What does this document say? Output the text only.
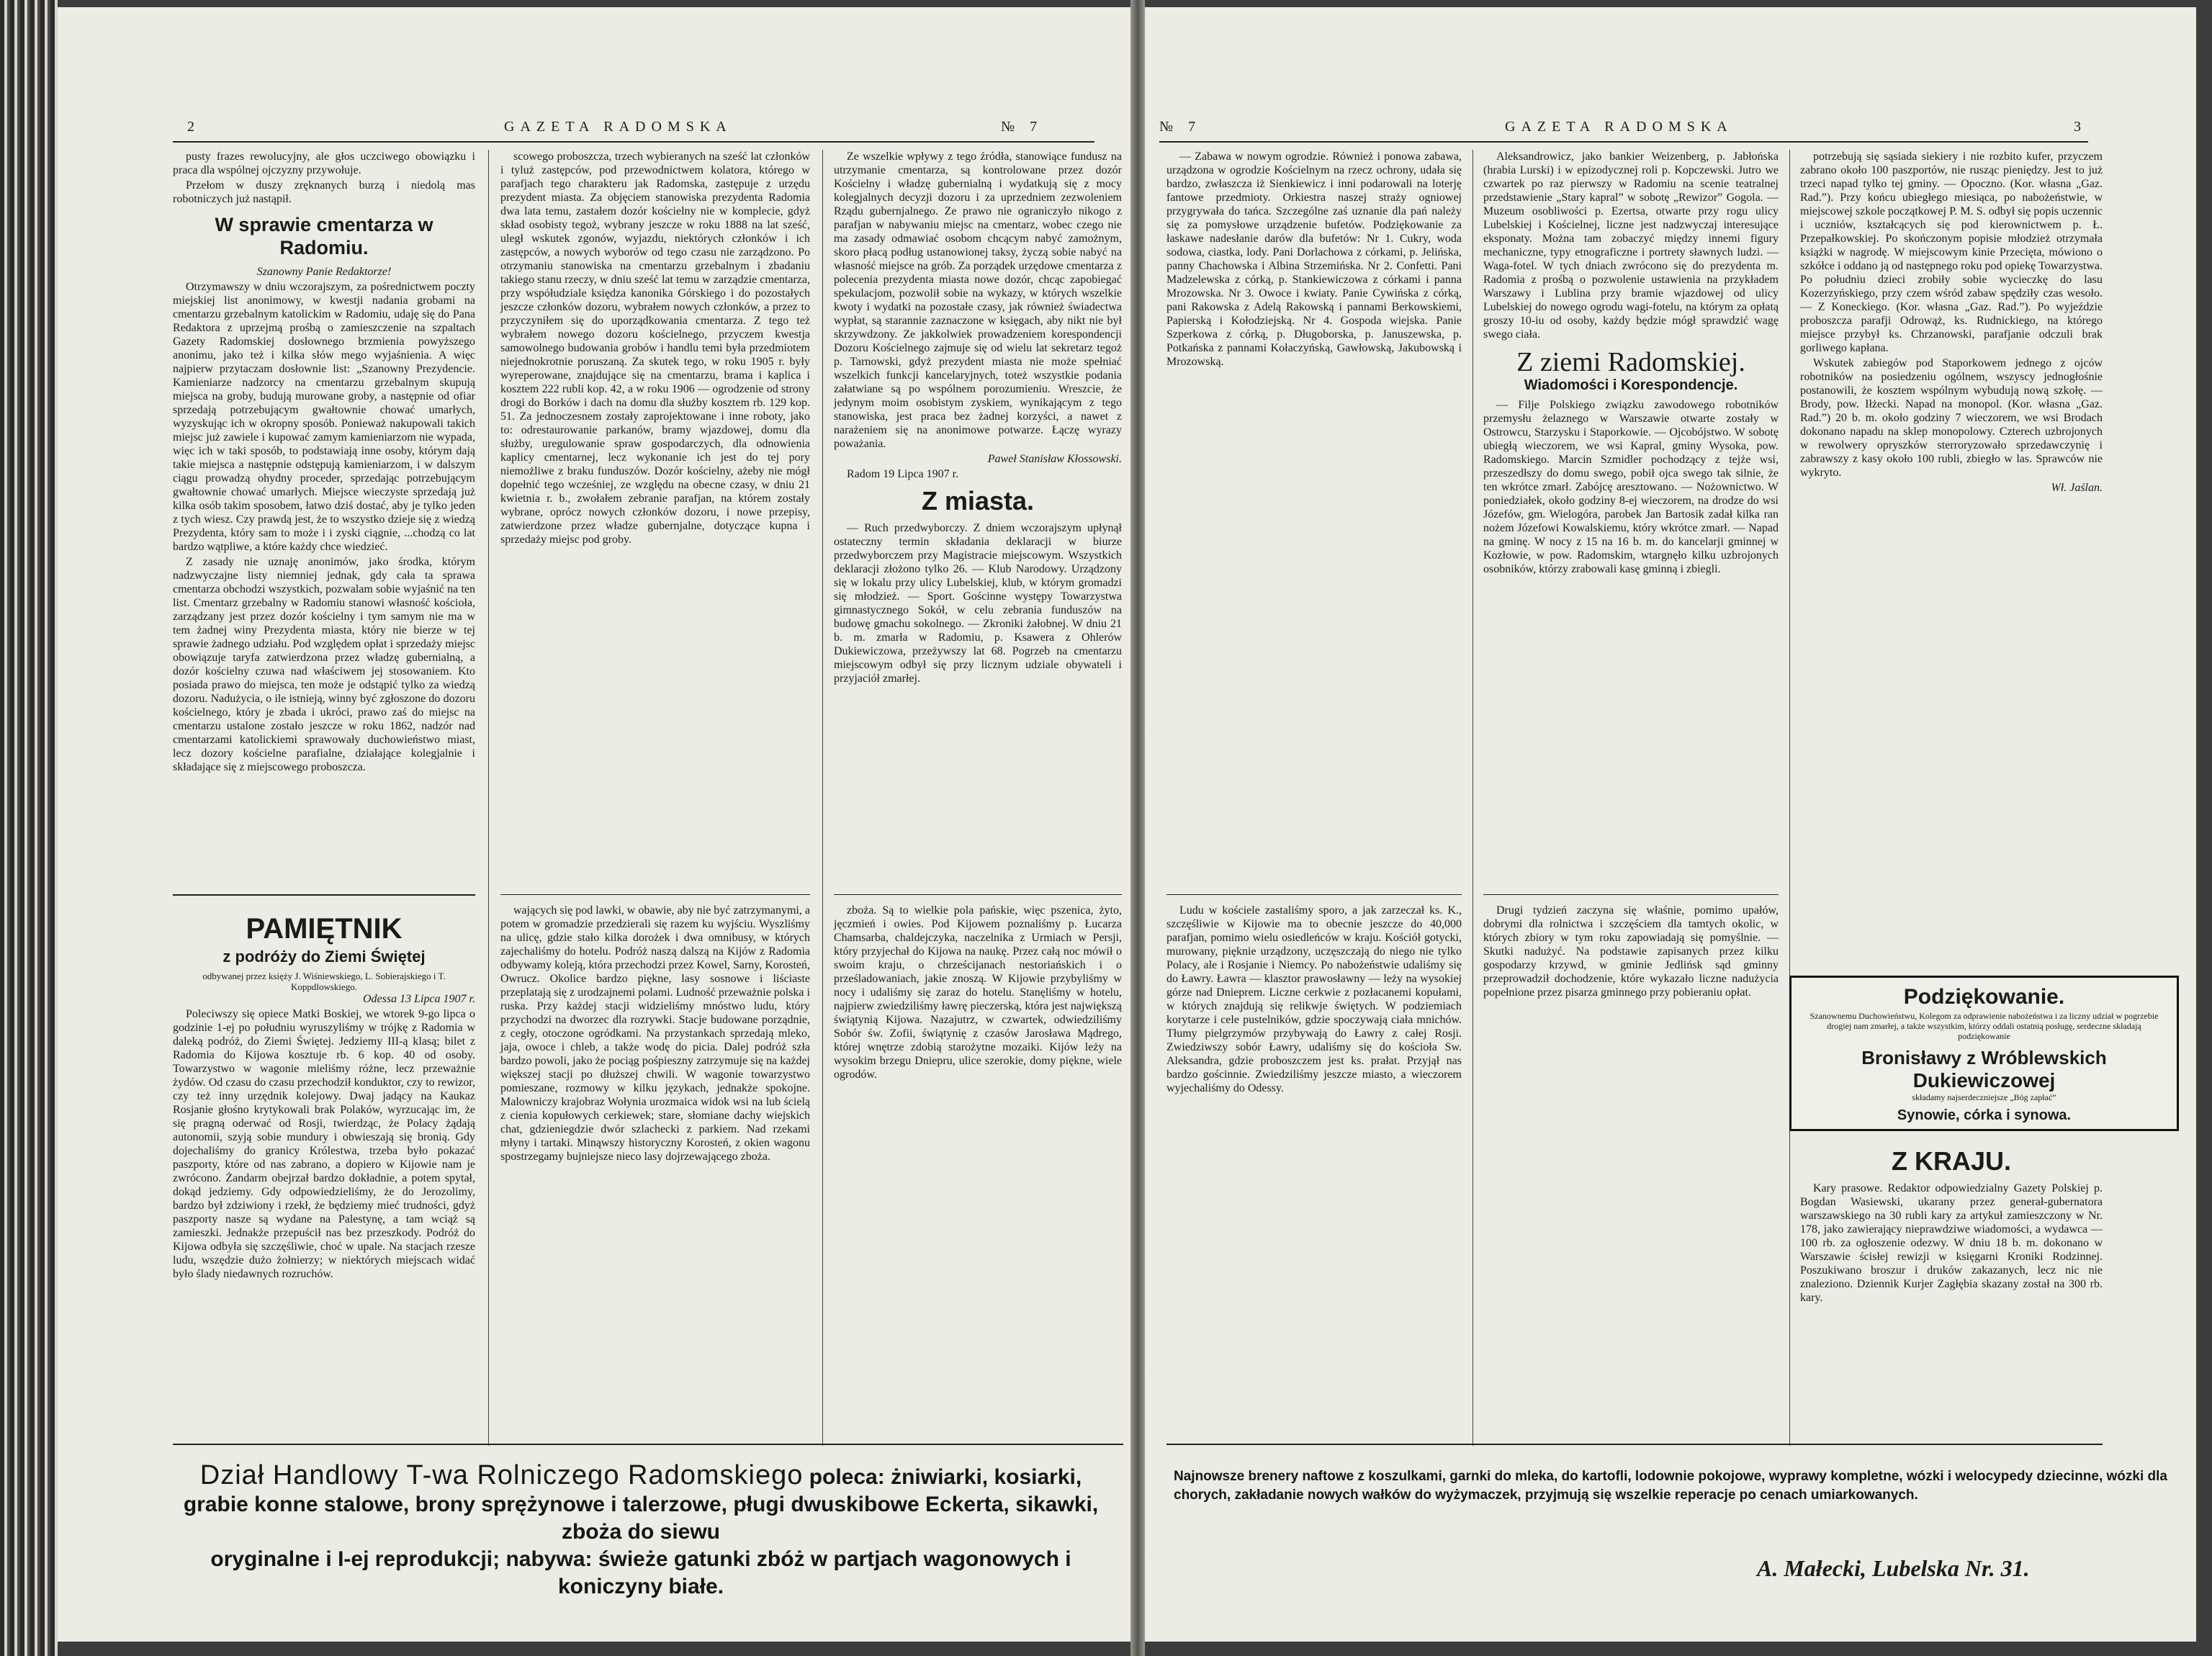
2	GAZETA RADOMSKA	№ 7

pusty frazes rewolucyjny, ale głos uczciwego obowiązku i praca dla wspólnej ojczyzny przywołuje.

Przełom w duszy zręknanych burzą i niedolą mas robotniczych już nastąpił.

W sprawie cmentarza w Radomiu.

Szanowny Panie Redaktorze!

Otrzymawszy w dniu wczorajszym, za pośrednictwem poczty miejskiej list anonimowy, w kwestji nadania grobami na cmentarzu grzebalnym katolickim w Radomiu, udaję się do Pana Redaktora z uprzejmą prośbą o zamieszczenie na szpaltach Gazety Radomskiej dosłownego brzmienia powyższego anonimu, jako też i kilka słów mego wyjaśnienia. A więc najpierw przytaczam dosłownie list: „Szanowny Prezydencie. Kamieniarze nadzorcy na cmentarzu grzebalnym skupują miejsca na groby, budują murowane groby, a następnie od ofiar sprzedają potrzebującym gwałtownie chować umarłych, wyzyskując ich w okropny sposób. Ponieważ nakupowali takich miejsc już zawiele i kupować zamym kamieniarzom nie wypada, więc ich w taki sposób, to podstawiają inne osoby, którym dają takie miejsca a następnie odstępują kamieniarzom, i w dalszym ciągu prowadzą ohydny proceder, sprzedając potrzebującym gwałtownie chować umarłych. Miejsce wieczyste sprzedają już kilka osób takim sposobem, łatwo dziś dostać, aby je tylko jeden z tych wiesz. Czy prawdą jest, że to wszystko dzieje się z wiedzą Prezydenta, który sam to może i i zyski ciągnie, ...chodzą co lat bardzo wątpliwe, a które każdy chce wiedzieć.

Z zasady nie uznaję anonimów, jako środka, którym nadzwyczajne listy niemniej jednak, gdy cała ta sprawa cmentarza obchodzi wszystkich, pozwalam sobie wyjaśnić na ten list. Cmentarz grzebalny w Radomiu stanowi własność kościoła, zarządzany jest przez dozór kościelny i tym samym nie ma w tem żadnej winy Prezydenta miasta, który nie bierze w tej sprawie żadnego udziału. Pod względem opłat i sprzedaży miejsc obowiązuje taryfa zatwierdzona przez władzę gubernialną, a dozór kościelny czuwa nad właściwem jej stosowaniem. Kto posiada prawo do miejsca, ten może je odstąpić tylko za wiedzą dozoru. Nadużycia, o ile istnieją, winny być zgłoszone do dozoru kościelnego, który je zbada i ukróci, prawo zaś do miejsc na cmentarzu ustalone zostało jeszcze w roku 1862, nadzór nad cmentarzami katolickiemi sprawowały duchowieństwo miast, lecz dozory kościelne parafialne, działające kolegjalnie i składające się z miejscowego proboszcza.

PAMIĘTNIK
z podróży do Ziemi Świętej
odbywanej przez księży J. Wiśniewskiego, L. Sobierajskiego i T. Koppdlowskiego.

Odessa 13 Lipca 1907 r.

Poleciwszy się opiece Matki Boskiej, we wtorek 9-go lipca o godzinie 1-ej po południu wyruszyliśmy w trójkę z Radomia w daleką podróż, do Ziemi Świętej. Jedziemy III-ą klasą; bilet z Radomia do Kijowa kosztuje rb. 6 kop. 40 od osoby. Towarzystwo w wagonie mieliśmy różne, lecz przeważnie żydów. Od czasu do czasu przechodził konduktor, czy to rewizor, czy też inny urzędnik kolejowy. Dwaj jadący na Kaukaz Rosjanie głośno krytykowali brak Polaków, wyrzucając im, że się pragną oderwać od Rosji, twierdząc, że Polacy żądają autonomii, szyją sobie mundury i obwieszają się bronią. Gdy dojechaliśmy do granicy Królestwa, trzeba było pokazać paszporty, które od nas zabrano, a dopiero w Kijowie nam je zwrócono. Żandarm obejrzał bardzo dokładnie, a potem spytał, dokąd jedziemy. Gdy odpowiedzieliśmy, że do Jerozolimy, bardzo był zdziwiony i rzekł, że będziemy mieć trudności, gdyż paszporty nasze są wydane na Palestynę, a tam wciąż są zamieszki. Jednakże przepuścił nas bez przeszkody. Podróż do Kijowa odbyła się szczęśliwie, choć w upale. Na stacjach rzesze ludu, wszędzie dużo żołnierzy; w niektórych miejscach widać było ślady niedawnych rozruchów.

scowego proboszcza, trzech wybieranych na sześć lat członków i tyluż zastępców, pod przewodnictwem kolatora, którego w parafjach tego charakteru jak Radomska, zastępuje z urzędu prezydent miasta. Za objęciem stanowiska prezydenta Radomia dwa lata temu, zastałem dozór kościelny nie w komplecie, gdyż skład osobisty tegoż, wybrany jeszcze w roku 1888 na lat sześć, uległ wskutek zgonów, wyjazdu, niektórych członków i ich zastępców, a nowych wyborów od tego czasu nie zarządzono. Po otrzymaniu stanowiska na cmentarzu grzebalnym i zbadaniu takiego stanu rzeczy, w dniu sześć lat temu w zarządzie cmentarza, przy współudziale księdza kanonika Górskiego i do pozostałych jeszcze członków dozoru, wybrałem nowych członków, a przez to przyczyniłem się do uporządkowania cmentarza. Z tego też wybrałem nowego dozoru kościelnego, przyczem kwestja samowolnego budowania grobów i handlu temi była przedmiotem niejednokrotnie poruszaną. Za skutek tego, w roku 1905 r. były wyreperowane, znajdujące się na cmentarzu, brama i kaplica i kosztem 222 rubli kop. 42, a w roku 1906 — ogrodzenie od strony drogi do Borków i dach na domu dla służby kosztem rb. 129 kop. 51. Za jednoczesnem zostały zaprojektowane i inne roboty, jako to: odrestaurowanie parkanów, bramy wjazdowej, domu dla służby, uregulowanie spraw gospodarczych, dla odnowienia kaplicy cmentarnej, lecz wykonanie ich jest do tej pory niemożliwe z braku funduszów. Dozór kościelny, ażeby nie mógł dopełnić tego wcześniej, ze względu na obecne czasy, w dniu 21 kwietnia r. b., zwołałem zebranie parafjan, na którem zostały wybrane, oprócz nowych członków dozoru, i nowe przepisy, zatwierdzone przez władze gubernjalne, dotyczące kupna i sprzedaży miejsc pod groby.

wających się pod lawki, w obawie, aby nie być zatrzymanymi, a potem w gromadzie przedzierali się razem ku wyjściu. Wyszliśmy na ulicę, gdzie stało kilka dorożek i dwa omnibusy, w których zajechaliśmy do hotelu. Podróż naszą dalszą na Kijów z Radomia odbywamy koleją, która przechodzi przez Kowel, Sarny, Korosteń, Owrucz. Okolice bardzo piękne, lasy sosnowe i liściaste przeplatają się z urodzajnemi polami. Ludność przeważnie polska i ruska. Przy każdej stacji widzieliśmy mnóstwo ludu, który przychodzi na dworzec dla rozrywki. Stacje budowane porządnie, z cegły, otoczone ogródkami. Na przystankach sprzedają mleko, jaja, owoce i chleb, a także wodę do picia. Dalej podróż szła bardzo powoli, jako że pociąg pośpieszny zatrzymuje się na każdej większej stacji po dłuższej chwili. W wagonie towarzystwo pomieszane, rozmowy w kilku językach, jednakże spokojne. Malowniczy krajobraz Wołynia urozmaica widok wsi na lub ścielą z cienia kopułowych cerkiewek; stare, słomiane dachy wiejskich chat, gdzieniegdzie dwór szlachecki z parkiem. Nad rzekami młyny i tartaki. Minąwszy historyczny Korosteń, z okien wagonu spostrzegamy bujniejsze nieco lasy dojrzewającego zboża.

Ze wszelkie wpływy z tego źródła, stanowiące fundusz na utrzymanie cmentarza, są kontrolowane przez dozór Kościelny i władzę gubernialną i wydatkują się z mocy kolegjalnych decyzji dozoru i za uprzedniem zezwoleniem Rządu gubernjalnego. Ze prawo nie ograniczyło nikogo z parafjan w nabywaniu miejsc na cmentarz, wobec czego nie ma zasady odmawiać osobom chcącym nabyć zamożnym, skoro płacą podług ustanowionej taksy, życzą sobie nabyć na własność miejsce na grób. Za porządek urzędowe cmentarza z polecenia prezydenta miasta nowe dozór, chcąc zapobiegać spekulacjom, pozwolił sobie na wykazy, w których wszelkie kwoty i wydatki na pozostałe czasy, jak również świadectwa wypłat, są starannie zaznaczone w księgach, aby nikt nie był skrzywdzony. Ze jakkolwiek prowadzeniem korespondencji Dozoru Kościelnego zajmuje się od wielu lat sekretarz tegoż p. Tarnowski, gdyż prezydent miasta nie może spełniać wszelkich funkcji kancelaryjnych, toteż wszystkie podania załatwiane są po wspólnem porozumieniu. Wreszcie, że jedynym moim osobistym zyskiem, wynikającym z tego stanowiska, jest praca bez żadnej korzyści, a nawet z narażeniem się na anonimowe potwarze. Łączę wyrazy poważania.

Paweł Stanisław Kłossowski.

Radom 19 Lipca 1907 r.

Z miasta.

— Ruch przedwyborczy. Z dniem wczorajszym upłynął ostateczny termin składania deklaracji w biurze przedwyborczem przy Magistracie miejscowym. Wszystkich deklaracji złożono tylko 26. — Klub Narodowy. Urządzony się w lokalu przy ulicy Lubelskiej, klub, w którym gromadzi się młodzież. — Sport. Gościnne występy Towarzystwa gimnastycznego Sokół, w celu zebrania funduszów na budowę gmachu sokolnego. — Zkroniki żałobnej. W dniu 21 b. m. zmarła w Radomiu, p. Ksawera z Ohlerów Dukiewiczowa, przeżywszy lat 68. Pogrzeb na cmentarzu miejscowym odbył się przy licznym udziale obywateli i przyjaciół zmarłej.

zboża. Są to wielkie pola pańskie, więc pszenica, żyto, jęczmień i owies. Pod Kijowem poznaliśmy p. Łucarza Chamsarba, chaldejczyka, naczelnika z Urmiach w Persji, który przyjechał do Kijowa na naukę. Przez całą noc mówił o swoim kraju, o chrześcijanach nestoriańskich i o prześladowaniach, jakie znoszą. W Kijowie przybyliśmy w nocy i udaliśmy się zaraz do hotelu. Stanęliśmy w hotelu, najpierw zwiedziliśmy ławrę pieczerską, która jest największą świątynią Kijowa. Nazajutrz, w czwartek, odwiedziliśmy Sobór św. Zofii, świątynię z czasów Jarosława Mądrego, której wnętrze zdobią starożytne mozaiki. Kijów leży na wysokim brzegu Dniepru, ulice szerokie, domy piękne, wiele ogrodów.

Dział Handlowy T-wa Rolniczego Radomskiego poleca: żniwiarki, kosiarki,
grabie konne stalowe, brony sprężynowe i talerzowe, pługi dwuskibowe Eckerta, sikawki, zboża do siewu
oryginalne i I-ej reprodukcji; nabywa: świeże gatunki zbóż w partjach wagonowych i koniczyny białe.
№ 7	GAZETA RADOMSKA	3

— Zabawa w nowym ogrodzie. Również i ponowa zabawa, urządzona w ogrodzie Kościelnym na rzecz ochrony, udała się bardzo, zwłaszcza iż Sienkiewicz i inni podarowali na loterję fantowe przedmioty. Orkiestra naszej straży ogniowej przygrywała do tańca. Szczególne zaś uznanie dla pań należy się za pomysłowe urządzenie bufetów. Podziękowanie za łaskawe nadesłanie darów dla bufetów: Nr 1. Cukry, woda sodowa, ciastka, lody. Pani Dorlachowa z córkami, p. Jelińska, panny Chachowska i Albina Strzemińska. Nr 2. Confetti. Pani Madzelewska z córką, p. Stankiewiczowa z córkami i panna Mrozowska. Nr 3. Owoce i kwiaty. Panie Cywińska z córką, pani Rakowska z Adelą Rakowską i pannami Berkowskiemi, Papierską i Kołodziejską. Nr 4. Gospoda wiejska. Panie Szperkowa z córką, p. Długoborska, p. Januszewska, p. Potkańska z pannami Kołaczyńską, Gawłowską, Jakubowską i Mrozowską.

Ludu w kościele zastaliśmy sporo, a jak zarzeczał ks. K., szczęśliwie w Kijowie ma to obecnie jeszcze do 40,000 parafjan, pomimo wielu osiedleńców w kraju. Kościół gotycki, murowany, pięknie urządzony, uczęszczają do niego nie tylko Polacy, ale i Rosjanie i Niemcy. Po nabożeństwie udaliśmy się do Ławry. Ławra — klasztor prawosławny — leży na wysokiej górze nad Dnieprem. Liczne cerkwie z pozłacanemi kopułami, w których znajdują się relikwje świętych. W podziemiach korytarze i cele pustelników, gdzie spoczywają ciała mnichów. Tłumy pielgrzymów przybywają do Ławry z całej Rosji. Zwiedziwszy sobór Ławry, udaliśmy się do kościoła Sw. Aleksandra, gdzie proboszczem jest ks. prałat. Przyjął nas bardzo gościnnie. Zwiedziliśmy jeszcze miasto, a wieczorem wyjechaliśmy do Odessy.

Aleksandrowicz, jako bankier Weizenberg, p. Jabłońska (hrabia Lurski) i w epizodycznej roli p. Kopczewski. Jutro we czwartek po raz pierwszy w Radomiu na scenie teatralnej przedstawienie „Stary kapral” w sobotę „Rewizor” Gogola. — Muzeum osobliwości p. Ezertsa, otwarte przy rogu ulicy Lubelskiej i Kościelnej, liczne jest nadzwyczaj interesujące eksponaty. Można tam zobaczyć między innemi figury mechaniczne, typy etnograficzne i portrety sławnych ludzi. — Waga-fotel. W tych dniach zwrócono się do prezydenta m. Radomia z prośbą o pozwolenie ustawienia na przykładem Warszawy i Lublina przy bramie wjazdowej od ulicy Lubelskiej do nowego ogrodu wagi-fotelu, na którym za opłatą groszy 10-iu od osoby, każdy będzie mógł sprawdzić wagę swego ciała.

Z ziemi Radomskiej.
Wiadomości i Korespondencje.

— Filje Polskiego związku zawodowego robotników przemysłu żelaznego w Warszawie otwarte zostały w Ostrowcu, Starzysku i Staporkowie. — Ojcobójstwo. W sobotę ubiegłą wieczorem, we wsi Kapral, gminy Wysoka, pow. Radomskiego. Marcin Szmidler pochodzący z tejże wsi, przeszedłszy do domu swego, pobił ojca swego tak silnie, że ten wkrótce zmarł. Zabójcę aresztowano. — Nożownictwo. W poniedziałek, około godziny 8-ej wieczorem, na drodze do wsi Józefów, gm. Wielogóra, parobek Jan Bartosik zadał kilka ran nożem Józefowi Kowalskiemu, który wkrótce zmarł. — Napad na gminę. W nocy z 15 na 16 b. m. do kancelarji gminnej w Kozłowie, w pow. Radomskim, wtargnęło kilku uzbrojonych osobników, którzy zrabowali kasę gminną i zbiegli.

Drugi tydzień zaczyna się właśnie, pomimo upałów, dobrymi dla rolnictwa i szczęściem dla tamtych okolic, w których zbiory w tym roku zapowiadają się pomyślnie. — Skutki nadużyć. Na podstawie zapisanych przez kilku gospodarzy krzywd, w gminie Jedlińsk sąd gminny przeprowadził dochodzenie, które wykazało liczne nadużycia popełnione przez pisarza gminnego przy pobieraniu opłat.

potrzebują się sąsiada siekiery i nie rozbito kufer, przyczem zabrano około 100 paszportów, nie rusząc pieniędzy. Jest to już trzeci napad tylko tej gminy. — Opoczno. (Kor. własna „Gaz. Rad.”). Przy końcu ubiegłego miesiąca, po nabożeństwie, w miejscowej szkole początkowej P. M. S. odbył się popis uczennic i uczniów, kształcących się pod kierownictwem p. Ł. Przepałkowskiej. Po skończonym popisie młodzież otrzymała książki w nagrodę. W miejscowym kinie Przecięta, mówiono o szkółce i oddano ją od następnego roku pod opiekę Towarzystwa. Po południu dzieci zrobiły sobie wycieczkę do lasu Kozerzyńskiego, przy czem wśród zabaw spędziły czas wesoło. — Z Koneckiego. (Kor. własna „Gaz. Rad.”). Po wyjeździe proboszcza parafji Odrowąż, ks. Rudnickiego, na którego miejsce przybył ks. Chrzanowski, parafjanie odczuli brak gorliwego kapłana.

Wskutek zabiegów pod Staporkowem jednego z ojców robotników na posiedzeniu ogólnem, wszyscy jednogłośnie postanowili, że kosztem wspólnym wybudują nową szkołę. — Brody, pow. Iłżecki. Napad na monopol. (Kor. własna „Gaz. Rad.”) 20 b. m. około godziny 7 wieczorem, we wsi Brodach dokonano napadu na sklep monopolowy. Czterech uzbrojonych w rewolwery opryszków sterroryzowało sprzedawczynię i zabrawszy z kasy około 100 rubli, zbiegło w las. Sprawców nie wykryto.

Wł. Jaślan.

Z KRAJU.

Kary prasowe. Redaktor odpowiedzialny Gazety Polskiej p. Bogdan Wasiewski, ukarany przez generał-gubernatora warszawskiego na 30 rubli kary za artykuł zamieszczony w Nr. 178, jako zawierający nieprawdziwe wiadomości, a wydawca — 100 rb. za ogłoszenie odezwy. W dniu 18 b. m. dokonano w Warszawie ścisłej rewizji w księgarni Kroniki Rodzinnej. Poszukiwano broszur i druków zakazanych, lecz nic nie znaleziono. Dziennik Kurjer Zagłębia skazany został na 300 rb. kary.

Podziękowanie.
Szanownemu Duchowieństwu, Kolegom za odprawienie nabożeństwa i za liczny udział w pogrzebie drogiej nam zmarłej, a także wszystkim, którzy oddali ostatnią posługę, serdeczne składają podziękowanie
Bronisławy z Wróblewskich
Dukiewiczowej
składamy najserdeczniejsze „Bóg zapłać”
Synowie, córka i synowa.
Najnowsze brenery naftowe z koszulkami, garnki do mleka, do kartofli, lodownie pokojowe, wyprawy kompletne, wózki i welocypedy dziecinne, wózki dla chorych, zakładanie nowych wałków do wyżymaczek, przyjmują się wszelkie reperacje po cenach umiarkowanych.
A. Małecki, Lubelska Nr. 31.
